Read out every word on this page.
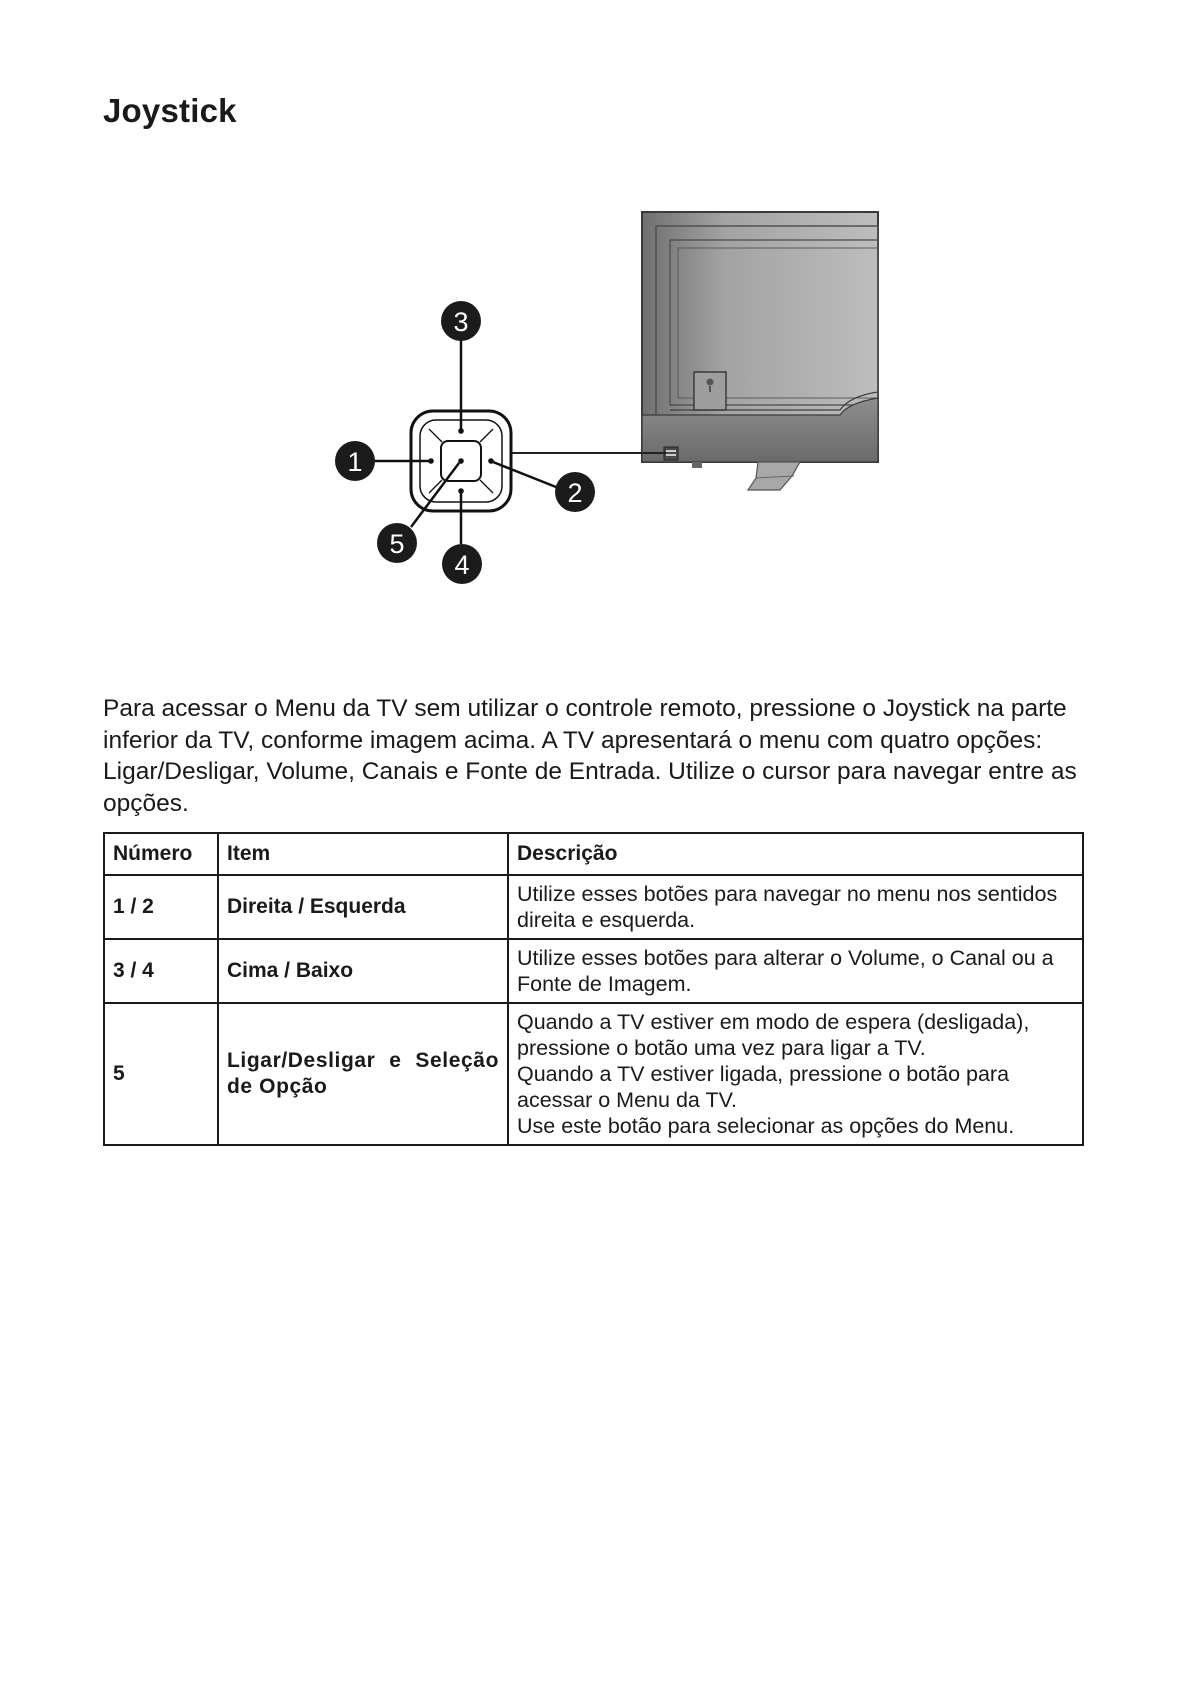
Joystick
1
2
3
4
5

Para acessar o Menu da TV sem utilizar o controle remoto, pressione o Joystick na parte inferior da TV, conforme imagem acima. A TV apresentará o menu com quatro opções: Ligar/Desligar, Volume, Canais e Fonte de Entrada. Utilize o cursor para navegar entre as opções.

Número	Item	Descrição
1 / 2	Direita / Esquerda	Utilize esses botões para navegar no menu nos sentidos direita e esquerda.

3 / 4	Cima / Baixo	Utilize esses botões para alterar o Volume, o Canal ou a Fonte de Imagem.

5	Ligar/Desligar e Seleção de Opção	Quando a TV estiver em modo de espera (desligada), pressione o botão uma vez para ligar a TV.
Quando a TV estiver ligada, pressione o botão para acessar o Menu da TV.
Use este botão para selecionar as opções do Menu.
